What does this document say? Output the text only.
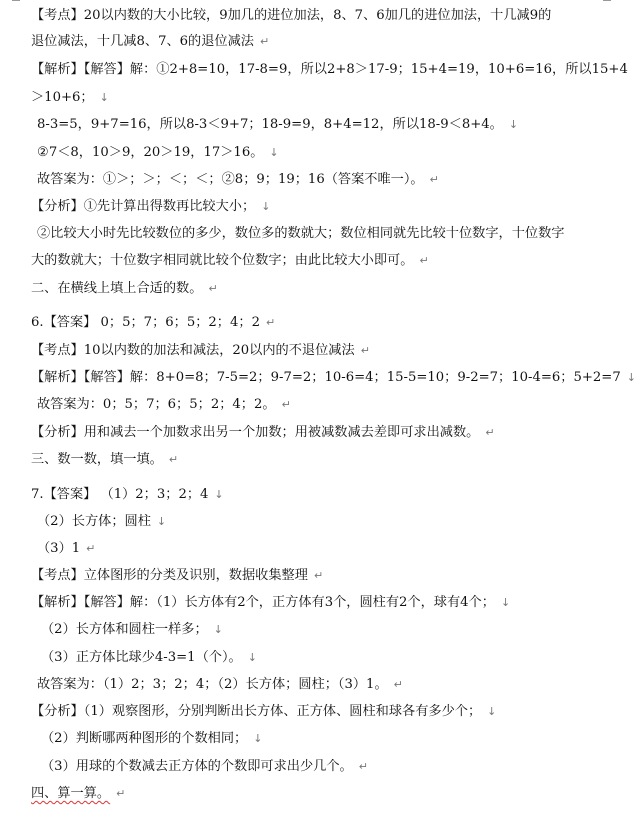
【考点】20以内数的大小比较，9加几的进位加法，8、7、6加几的进位加法，十几减9的
退位减法，十几减8、7、6的退位减法 ↵
【解析】【解答】解：①2+8=10，17-8=9，所以2+8＞17-9；15+4=19，10+6=16，所以15+4
＞10+6； ↓
8-3=5，9+7=16，所以8-3＜9+7；18-9=9，8+4=12，所以18-9＜8+4。 ↓
②7＜8，10＞9，20＞19，17＞16。 ↓
故答案为：①＞；＞；＜；＜；②8；9；19；16（答案不唯一）。 ↵
【分析】①先计算出得数再比较大小； ↓
②比较大小时先比较数位的多少，数位多的数就大；数位相同就先比较十位数字，十位数字
大的数就大；十位数字相同就比较个位数字；由此比较大小即可。 ↵
二、在横线上填上合适的数。 ↵
6.【答案】 0；5；7；6；5；2；4；2 ↵
【考点】10以内数的加法和减法，20以内的不退位减法 ↵
【解析】【解答】解：8+0=8；7-5=2；9-7=2；10-6=4；15-5=10；9-2=7；10-4=6；5+2=7 ↓
故答案为：0；5；7；6；5；2；4；2。 ↵
【分析】用和减去一个加数求出另一个加数；用被减数减去差即可求出减数。 ↵
三、数一数，填一填。 ↵
7.【答案】 （1）2；3；2；4 ↓
（2）长方体；圆柱 ↓
（3）1 ↵
【考点】立体图形的分类及识别，数据收集整理 ↵
【解析】【解答】解：（1）长方体有2个，正方体有3个，圆柱有2个，球有4个； ↓
（2）长方体和圆柱一样多； ↓
（3）正方体比球少4-3=1（个）。 ↓
故答案为：（1）2；3；2；4；（2）长方体；圆柱；（3）1。 ↵
【分析】（1）观察图形，分别判断出长方体、正方体、圆柱和球各有多少个； ↓
（2）判断哪两种图形的个数相同； ↓
（3）用球的个数减去正方体的个数即可求出少几个。 ↵
四、算一算。 ↵
